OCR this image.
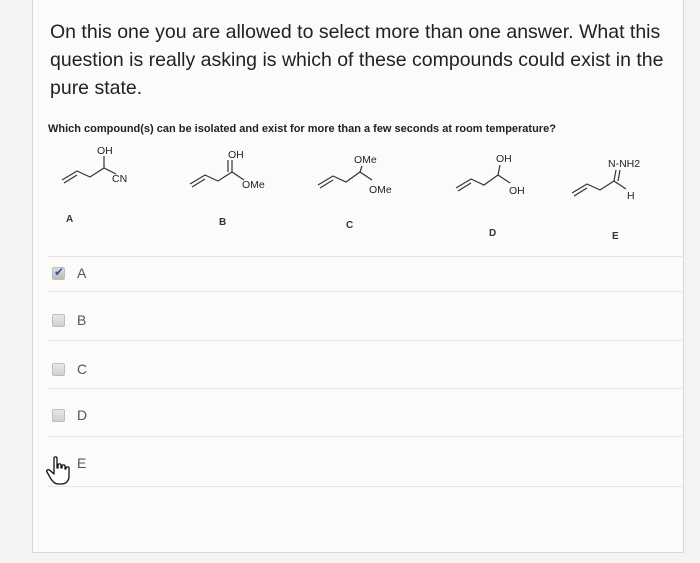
On this one you are allowed to select more than one answer. What this question is really asking is which of these compounds could exist in the pure state.
Which compound(s) can be isolated and exist for more than a few seconds at room temperature?
OH
CN
A
OH
OMe
B
OMe
OMe
C
OH
OH
D
N-NH2
H
E
✔ A
B
C
D
E
